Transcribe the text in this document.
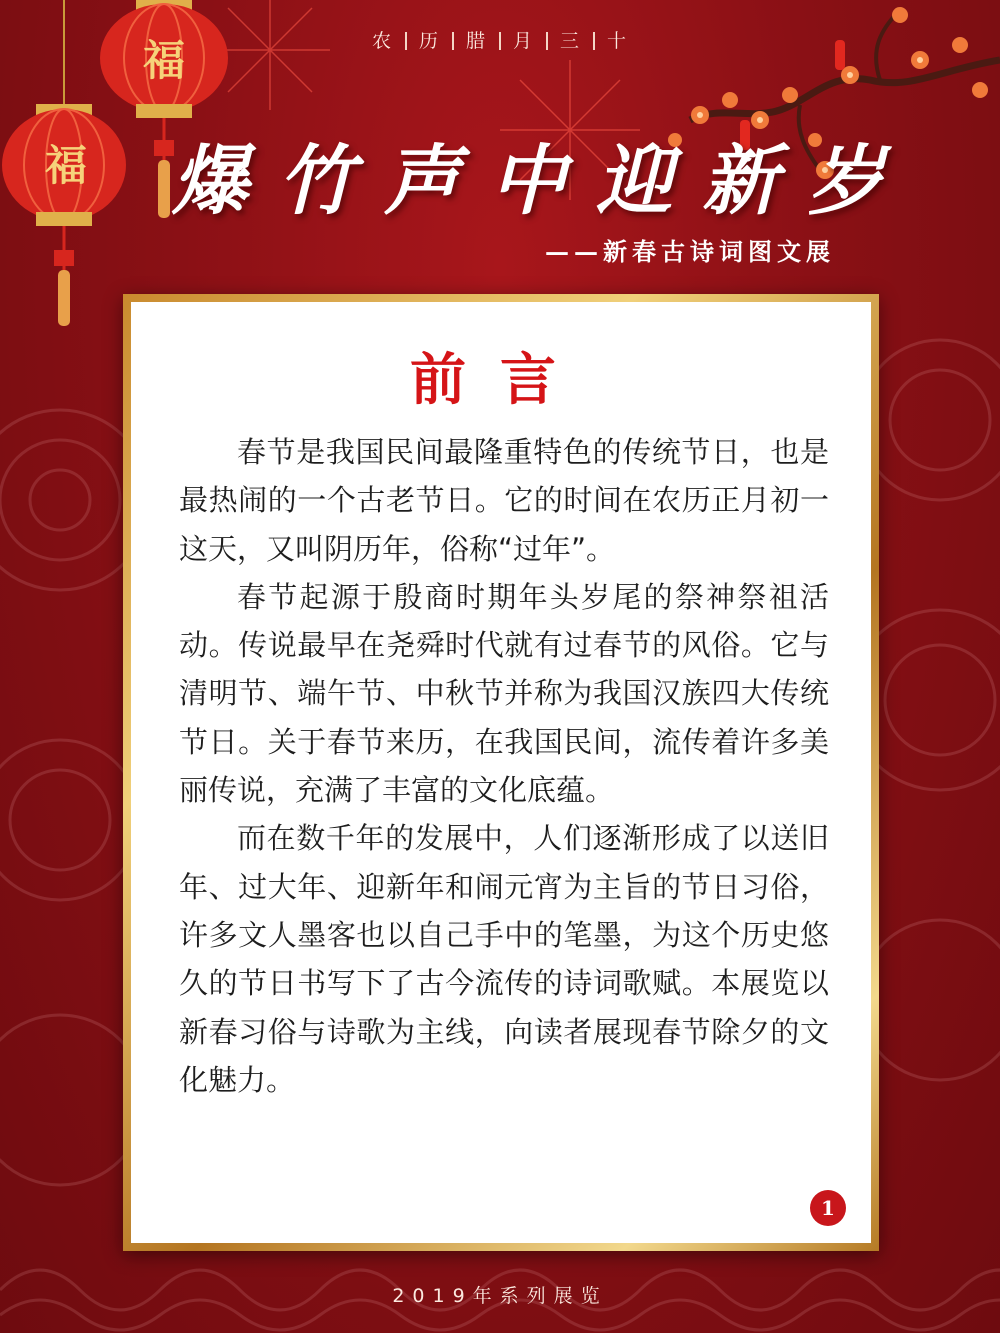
福
福	农 历 腊 月 三 十
爆竹声中迎新岁
——新春古诗词图文展
前言

春节是我国民间最隆重特色的传统节日，也是最热闹的一个古老节日。它的时间在农历正月初一这天，又叫阴历年，俗称“过年”。

春节起源于殷商时期年头岁尾的祭神祭祖活动。传说最早在尧舜时代就有过春节的风俗。它与清明节、端午节、中秋节并称为我国汉族四大传统节日。关于春节来历，在我国民间，流传着许多美丽传说，充满了丰富的文化底蕴。

而在数千年的发展中，人们逐渐形成了以送旧年、过大年、迎新年和闹元宵为主旨的节日习俗，许多文人墨客也以自己手中的笔墨，为这个历史悠久的节日书写下了古今流传的诗词歌赋。本展览以新春习俗与诗歌为主线，向读者展现春节除夕的文化魅力。

1
2019年系列展览
